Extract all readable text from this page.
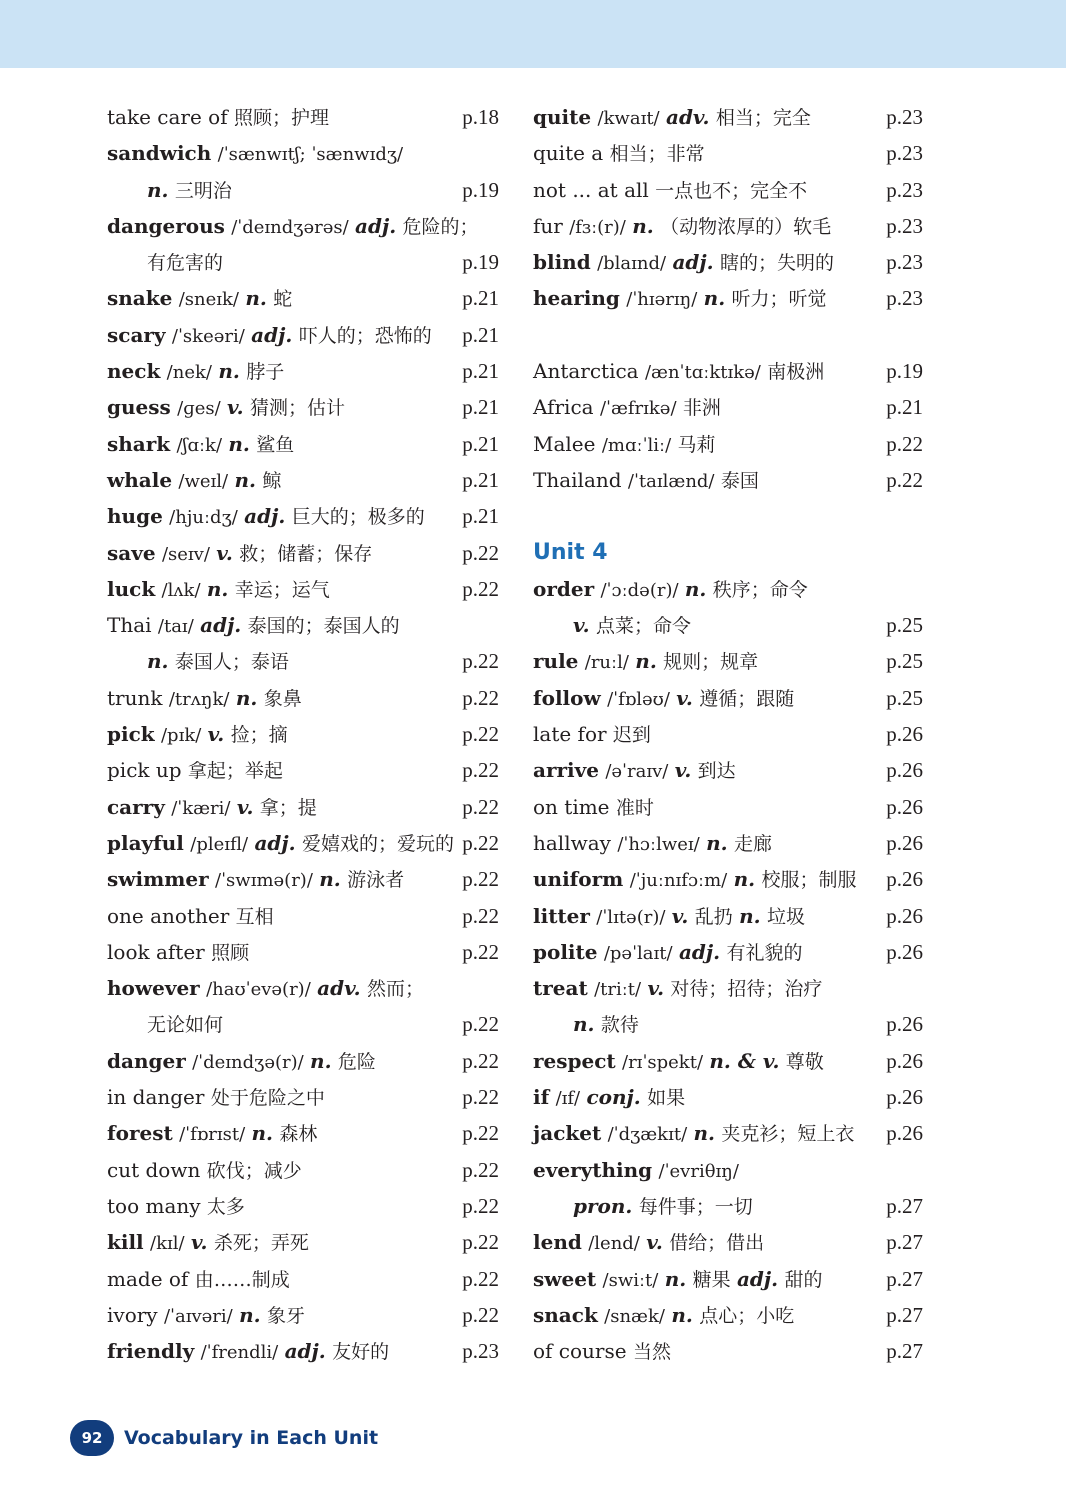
take care of 照顾；护理	p.18
sandwich /ˈsænwɪtʃ; ˈsænwɪdʒ/
n. 三明治	p.19
dangerous /ˈdeɪndʒərəs/ adj. 危险的；
有危害的	p.19
snake /sneɪk/ n. 蛇	p.21
scary /ˈskeəri/ adj. 吓人的；恐怖的 p.21
neck /nek/ n. 脖子	p.21
guess /ɡes/ v. 猜测；估计	p.21
shark /ʃɑːk/ n. 鲨鱼	p.21
whale /weɪl/ n. 鲸	p.21
huge /hjuːdʒ/ adj. 巨大的；极多的 p.21
save /seɪv/ v. 救；储蓄；保存	p.22
luck /lʌk/ n. 幸运；运气	p.22
Thai /taɪ/ adj. 泰国的；泰国人的
n. 泰国人；泰语	p.22
trunk /trʌŋk/ n. 象鼻	p.22
pick /pɪk/ v. 捡；摘	p.22
pick up 拿起；举起	p.22
carry /ˈkæri/ v. 拿；提	p.22
playful /pleɪfl/ adj. 爱嬉戏的；爱玩的 p.22
swimmer /ˈswɪmə(r)/ n. 游泳者	p.22
one another 互相	p.22
look after 照顾	p.22
however /haʊˈevə(r)/ adv. 然而；
无论如何	p.22
danger /ˈdeɪndʒə(r)/ n. 危险	p.22
in danger 处于危险之中	p.22
forest /ˈfɒrɪst/ n. 森林	p.22
cut down 砍伐；减少	p.22
too many 太多	p.22
kill /kɪl/ v. 杀死；弄死	p.22
made of 由……制成	p.22
ivory /ˈaɪvəri/ n. 象牙	p.22
friendly /ˈfrendli/ adj. 友好的	p.23
quite /kwaɪt/ adv. 相当；完全	p.23
quite a 相当；非常	p.23
not ... at all 一点也不；完全不	p.23
fur /fɜː(r)/ n. （动物浓厚的）软毛	p.23
blind /blaɪnd/ adj. 瞎的；失明的 p.23
hearing /ˈhɪərɪŋ/ n. 听力；听觉	p.23
Antarctica /ænˈtɑːktɪkə/ 南极洲	p.19
Africa /ˈæfrɪkə/ 非洲	p.21
Malee /mɑːˈliː/ 马莉	p.22
Thailand /ˈtaɪlænd/ 泰国	p.22
Unit 4
order /ˈɔːdə(r)/ n. 秩序；命令
v. 点菜；命令	p.25
rule /ruːl/ n. 规则；规章	p.25
follow /ˈfɒləʊ/ v. 遵循；跟随	p.25
late for 迟到	p.26
arrive /əˈraɪv/ v. 到达	p.26
on time 准时	p.26
hallway /ˈhɔːlweɪ/ n. 走廊	p.26
uniform /ˈjuːnɪfɔːm/ n. 校服；制服 p.26
litter /ˈlɪtə(r)/ v. 乱扔 n. 垃圾	p.26
polite /pəˈlaɪt/ adj. 有礼貌的	p.26
treat /triːt/ v. 对待；招待；治疗
n. 款待	p.26
respect /rɪˈspekt/ n. & v. 尊敬	p.26
if /ɪf/ conj. 如果	p.26
jacket /ˈdʒækɪt/ n. 夹克衫；短上衣 p.26
everything /ˈevriθɪŋ/
pron. 每件事；一切	p.27
lend /lend/ v. 借给；借出	p.27
sweet /swiːt/ n. 糖果 adj. 甜的	p.27
snack /snæk/ n. 点心；小吃	p.27
of course 当然	p.27
92	Vocabulary in Each Unit
